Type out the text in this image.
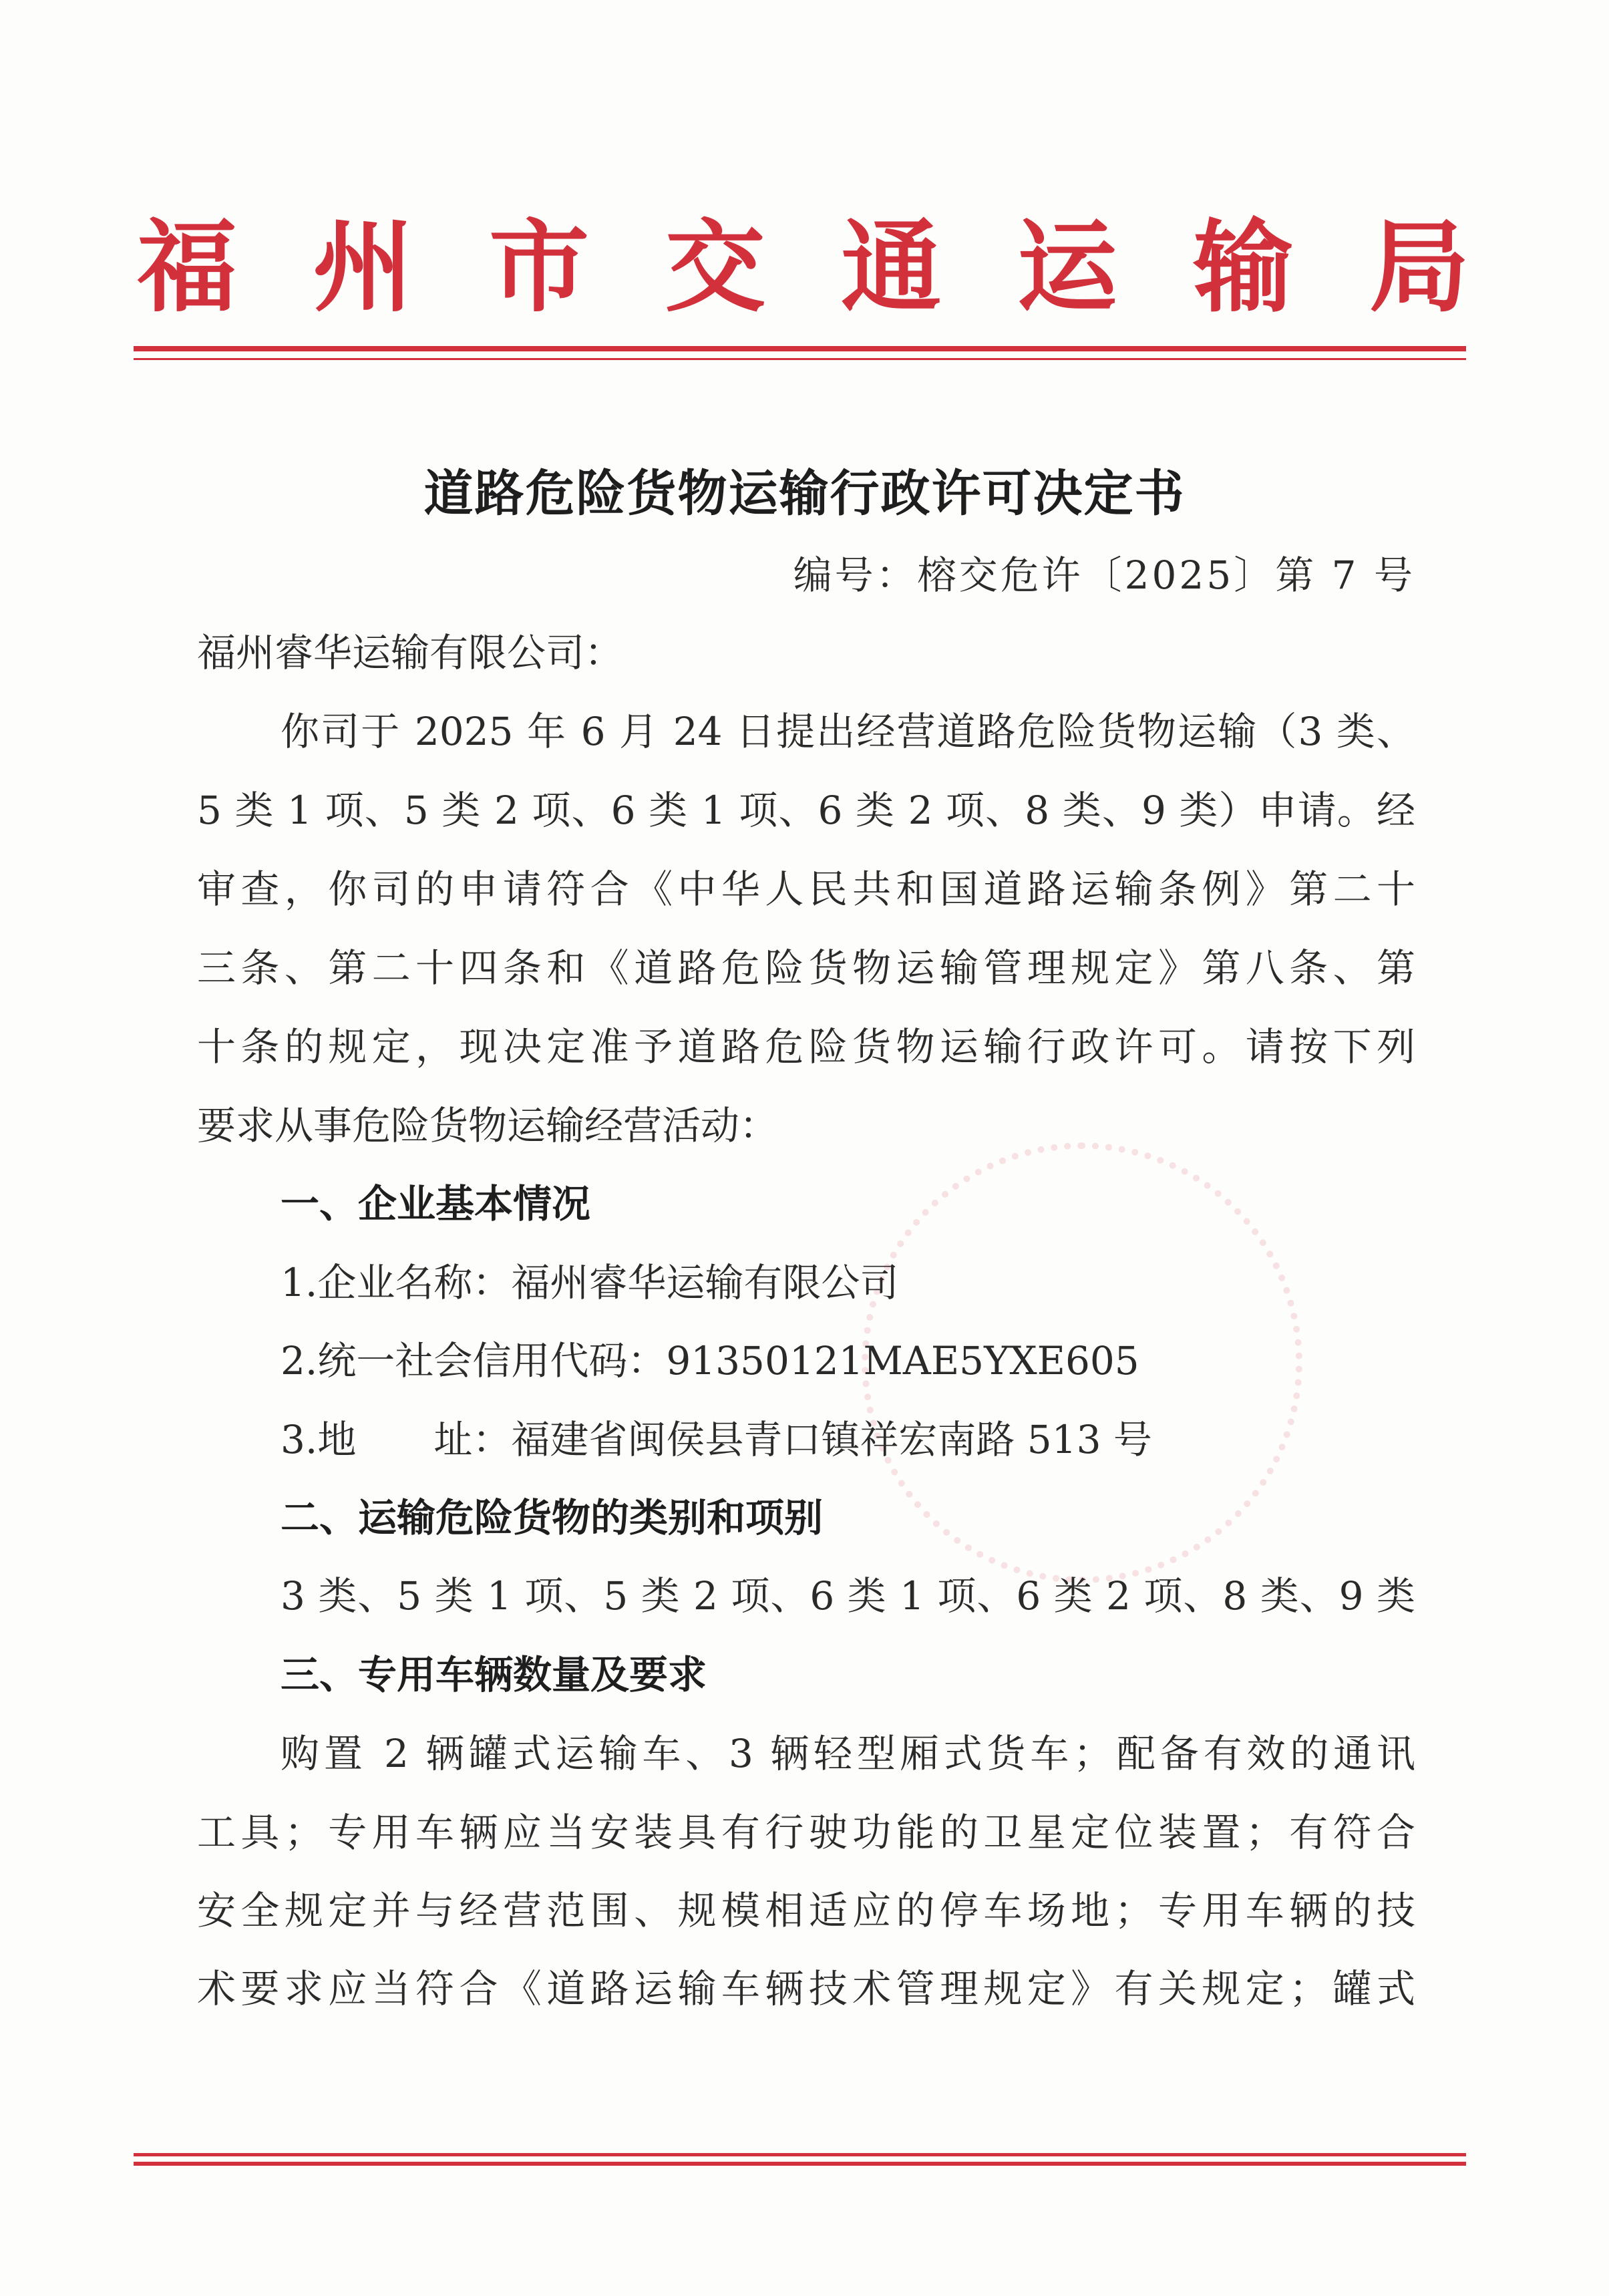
福 州 市 交 通 运 输 局
道路危险货物运输行政许可决定书
编号：榕交危许〔2025〕第 7 号
福州睿华运输有限公司：
你司于 2025 年 6 月 24 日提出经营道路危险货物运输（3 类、
5 类 1 项、5 类 2 项、6 类 1 项、6 类 2 项、8 类、9 类）申请。经
审查，你司的申请符合《中华人民共和国道路运输条例》第二十
三条、第二十四条和《道路危险货物运输管理规定》第八条、第
十条的规定，现决定准予道路危险货物运输行政许可。请按下列
要求从事危险货物运输经营活动：
一、企业基本情况
1.企业名称：福州睿华运输有限公司
2.统一社会信用代码：91350121MAE5YXE605
3.地　　址：福建省闽侯县青口镇祥宏南路 513 号
二、运输危险货物的类别和项别
3 类、5 类 1 项、5 类 2 项、6 类 1 项、6 类 2 项、8 类、9 类
三、专用车辆数量及要求
购置 2 辆罐式运输车、3 辆轻型厢式货车；配备有效的通讯
工具；专用车辆应当安装具有行驶功能的卫星定位装置；有符合
安全规定并与经营范围、规模相适应的停车场地；专用车辆的技
术要求应当符合《道路运输车辆技术管理规定》有关规定；罐式
